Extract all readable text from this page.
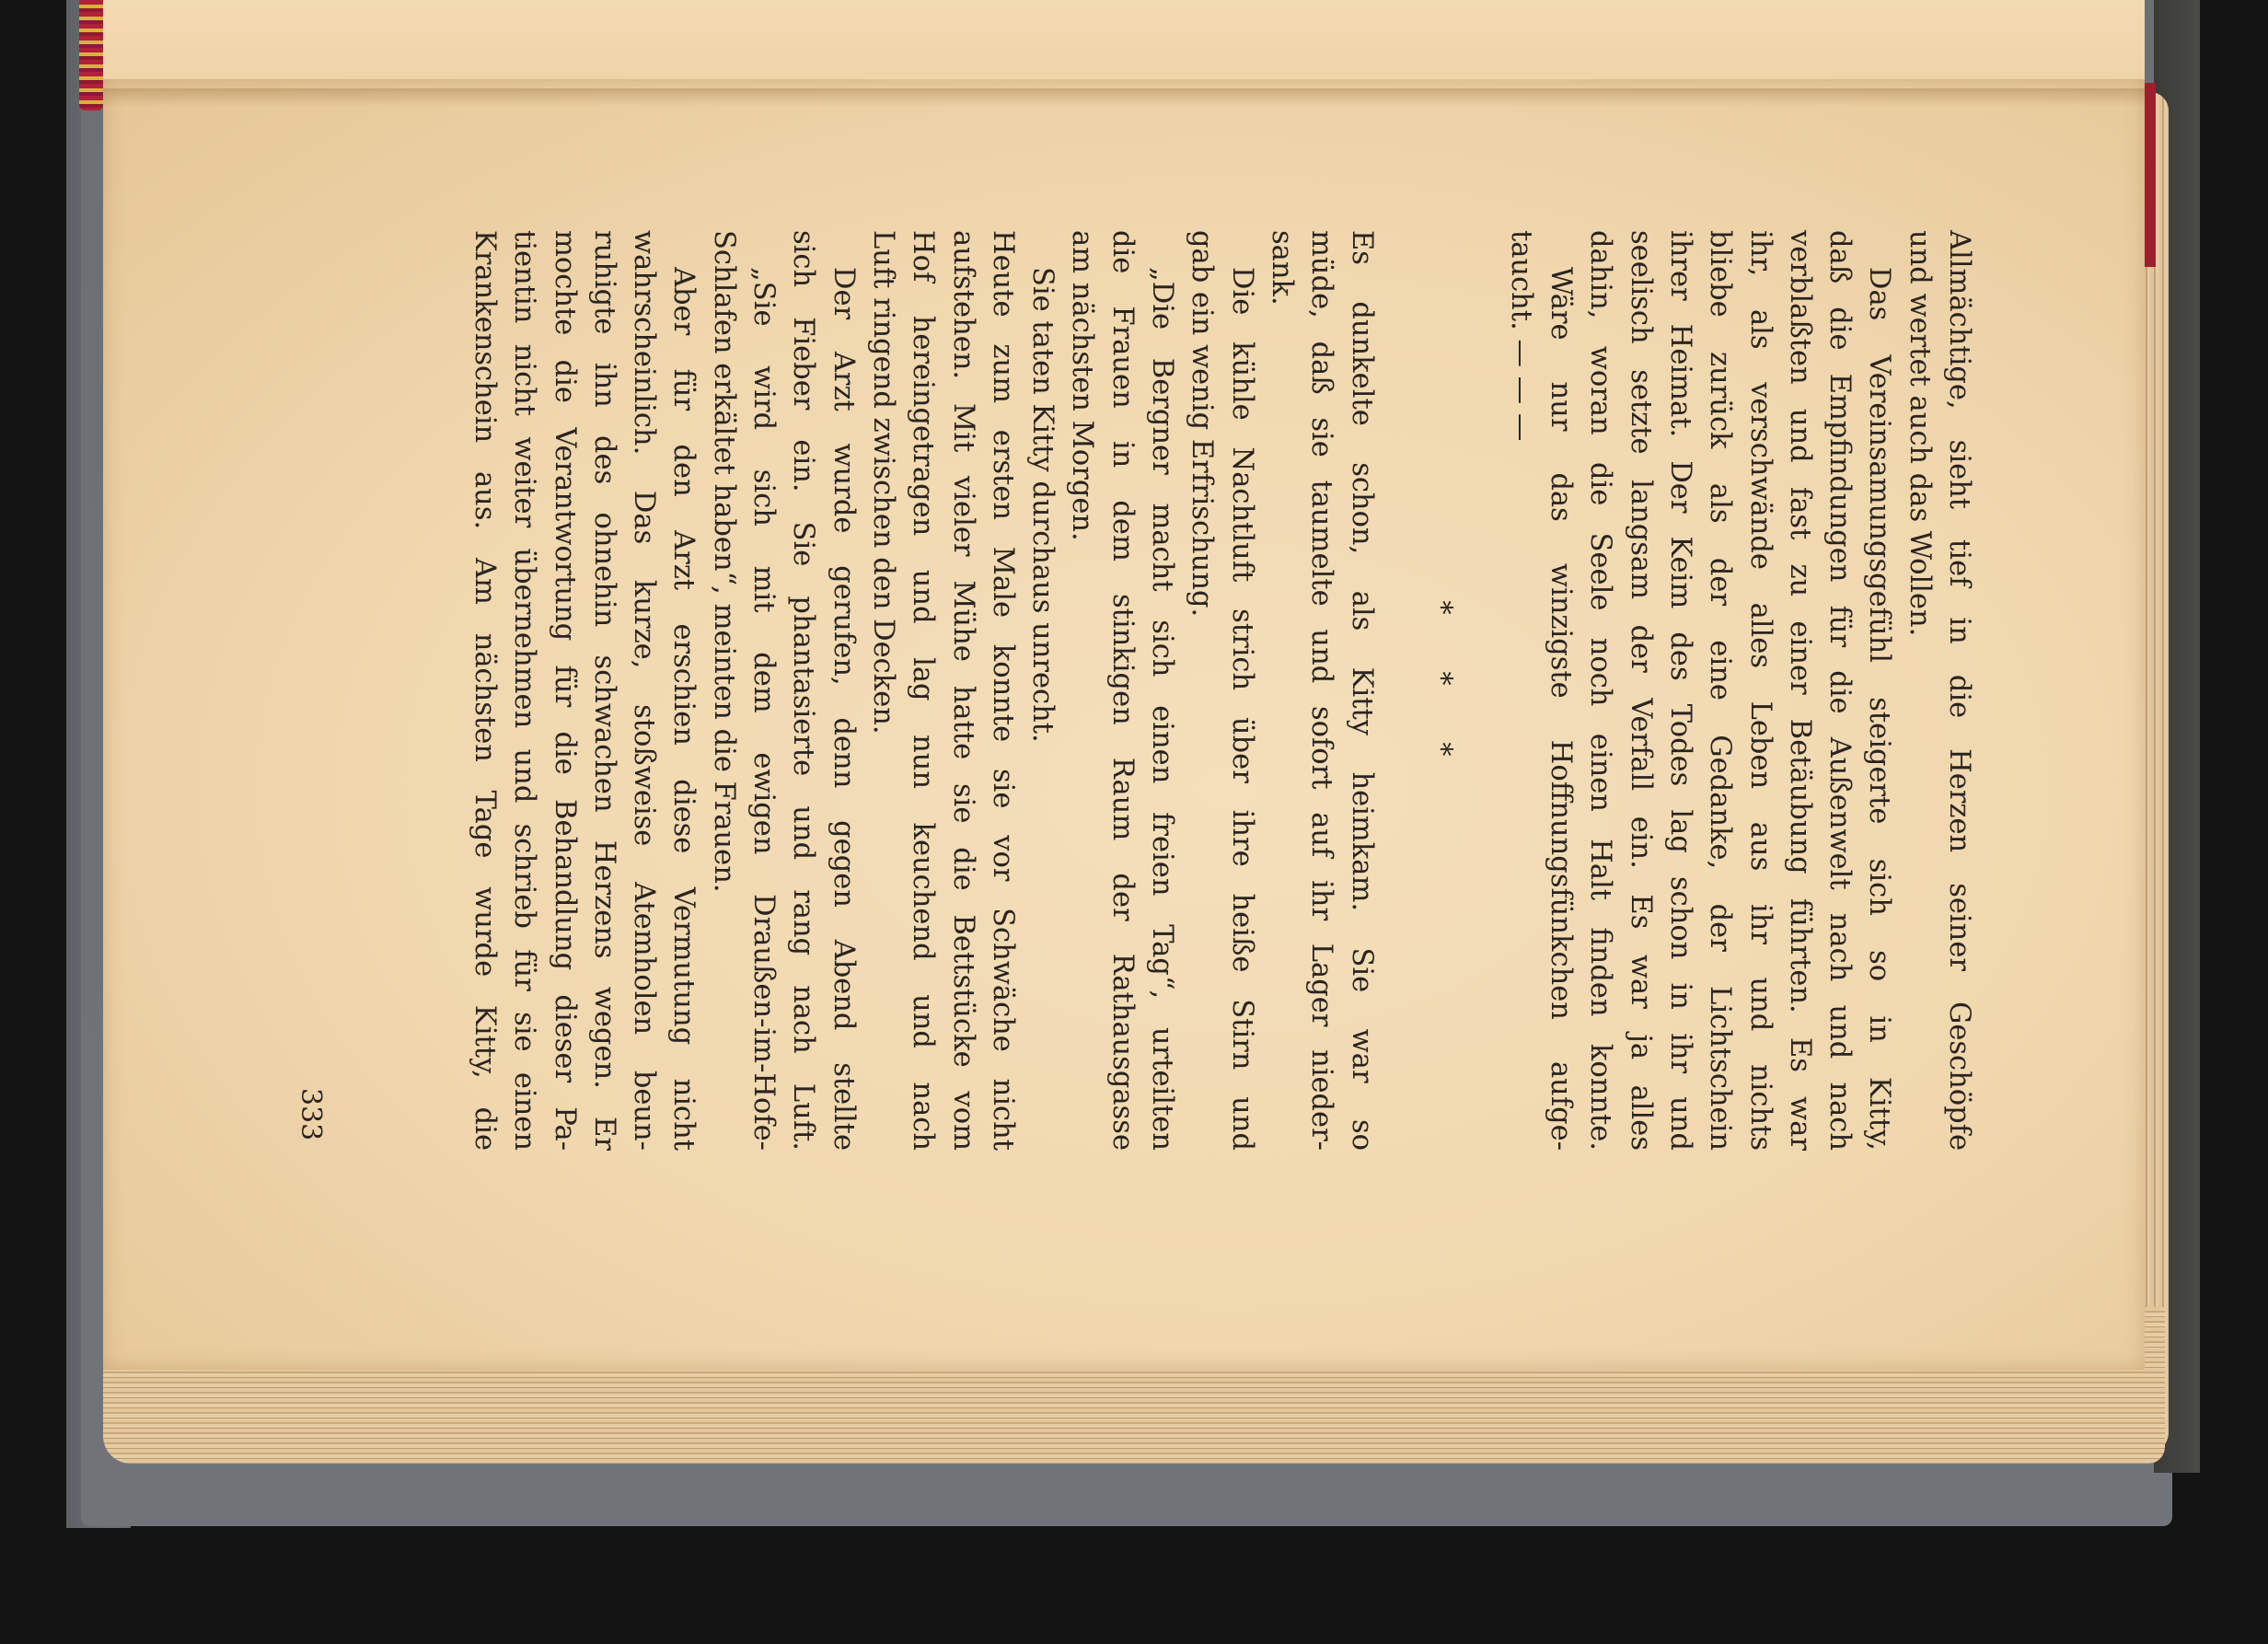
Allmächtige, sieht tief in die Herzen seiner Geschöpfe
und wertet auch das Wollen.
Das Vereinsamungsgefühl steigerte sich so in Kitty,
daß die Empfindungen für die Außenwelt nach und nach
verblaßten und fast zu einer Betäubung führten. Es war
ihr, als verschwände alles Leben aus ihr und nichts
bliebe zurück als der eine Gedanke, der Lichtschein
ihrer Heimat. Der Keim des Todes lag schon in ihr und
seelisch setzte langsam der Verfall ein. Es war ja alles
dahin, woran die Seele noch einen Halt finden konnte.
Wäre nur das winzigste Hoffnungsfünkchen aufge-
taucht. — — —
* * *
Es dunkelte schon, als Kitty heimkam. Sie war so
müde, daß sie taumelte und sofort auf ihr Lager nieder-
sank.
Die kühle Nachtluft strich über ihre heiße Stirn und
gab ein wenig Erfrischung.
„Die Bergner macht sich einen freien Tag“, urteilten
die Frauen in dem stinkigen Raum der Rathausgasse
am nächsten Morgen.
Sie taten Kitty durchaus unrecht.
Heute zum ersten Male konnte sie vor Schwäche nicht
aufstehen. Mit vieler Mühe hatte sie die Bettstücke vom
Hof hereingetragen und lag nun keuchend und nach
Luft ringend zwischen den Decken.
Der Arzt wurde gerufen, denn gegen Abend stellte
sich Fieber ein. Sie phantasierte und rang nach Luft.
„Sie wird sich mit dem ewigen Draußen-im-Hofe-
Schlafen erkältet haben“, meinten die Frauen.
Aber für den Arzt erschien diese Vermutung nicht
wahrscheinlich. Das kurze, stoßweise Atemholen beun-
ruhigte ihn des ohnehin schwachen Herzens wegen. Er
mochte die Verantwortung für die Behandlung dieser Pa-
tientin nicht weiter übernehmen und schrieb für sie einen
Krankenschein aus. Am nächsten Tage wurde Kitty, die
333
